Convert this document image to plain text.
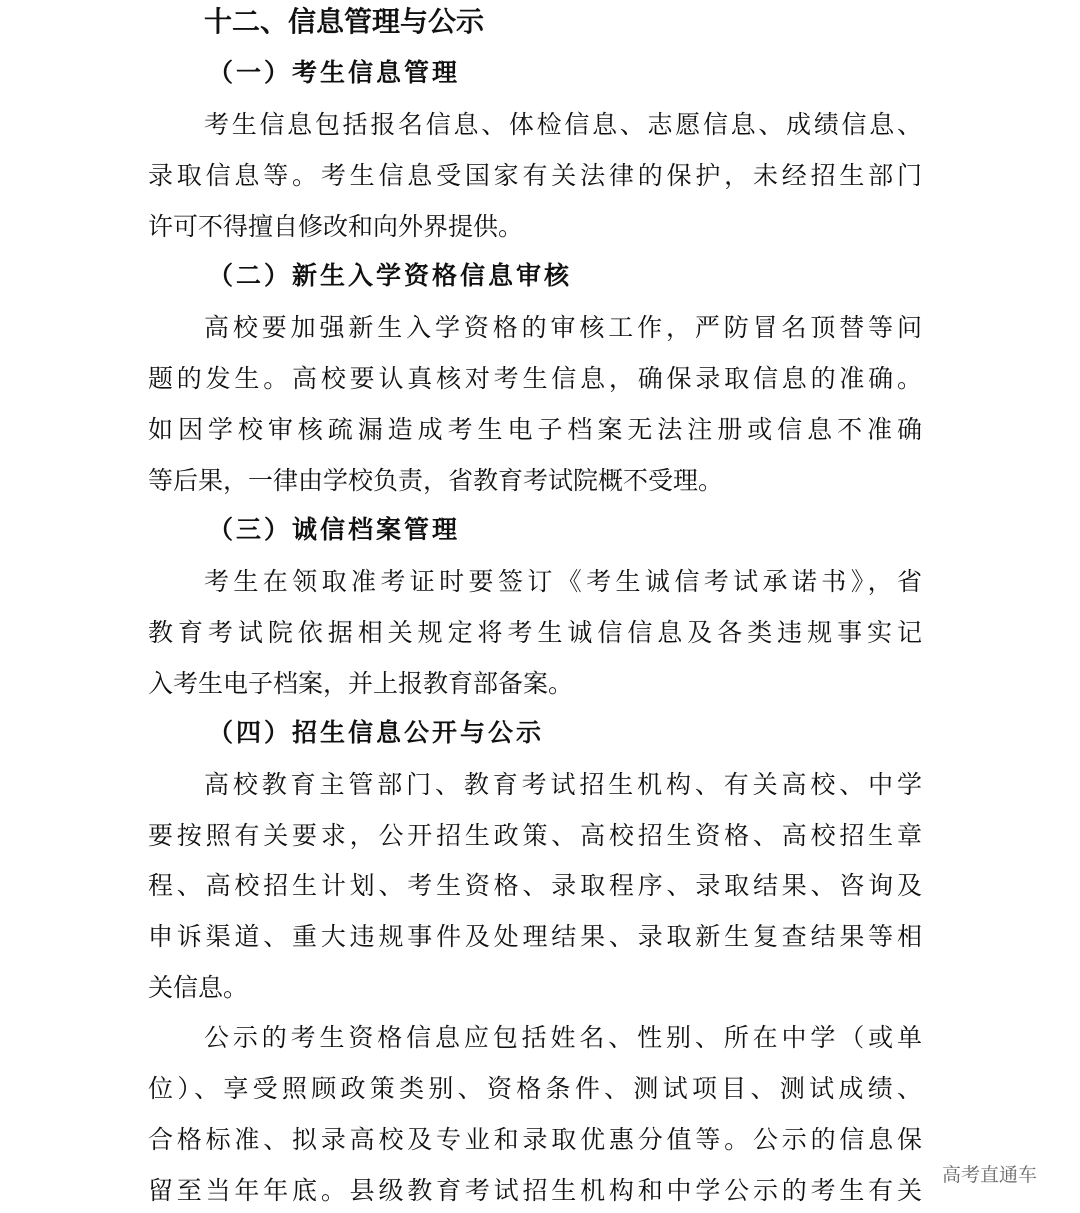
十二、信息管理与公示
（一）考生信息管理
考生信息包括报名信息、体检信息、志愿信息、成绩信息、
录取信息等。考生信息受国家有关法律的保护，未经招生部门
许可不得擅自修改和向外界提供。
（二）新生入学资格信息审核
高校要加强新生入学资格的审核工作，严防冒名顶替等问
题的发生。高校要认真核对考生信息，确保录取信息的准确。
如因学校审核疏漏造成考生电子档案无法注册或信息不准确
等后果，一律由学校负责，省教育考试院概不受理。
（三）诚信档案管理
考生在领取准考证时要签订《考生诚信考试承诺书》，省
教育考试院依据相关规定将考生诚信信息及各类违规事实记
入考生电子档案，并上报教育部备案。
（四）招生信息公开与公示
高校教育主管部门、教育考试招生机构、有关高校、中学
要按照有关要求，公开招生政策、高校招生资格、高校招生章
程、高校招生计划、考生资格、录取程序、录取结果、咨询及
申诉渠道、重大违规事件及处理结果、录取新生复查结果等相
关信息。
公示的考生资格信息应包括姓名、性别、所在中学（或单
位）、享受照顾政策类别、资格条件、测试项目、测试成绩、
合格标准、拟录高校及专业和录取优惠分值等。公示的信息保
留至当年年底。县级教育考试招生机构和中学公示的考生有关
高考直通车
